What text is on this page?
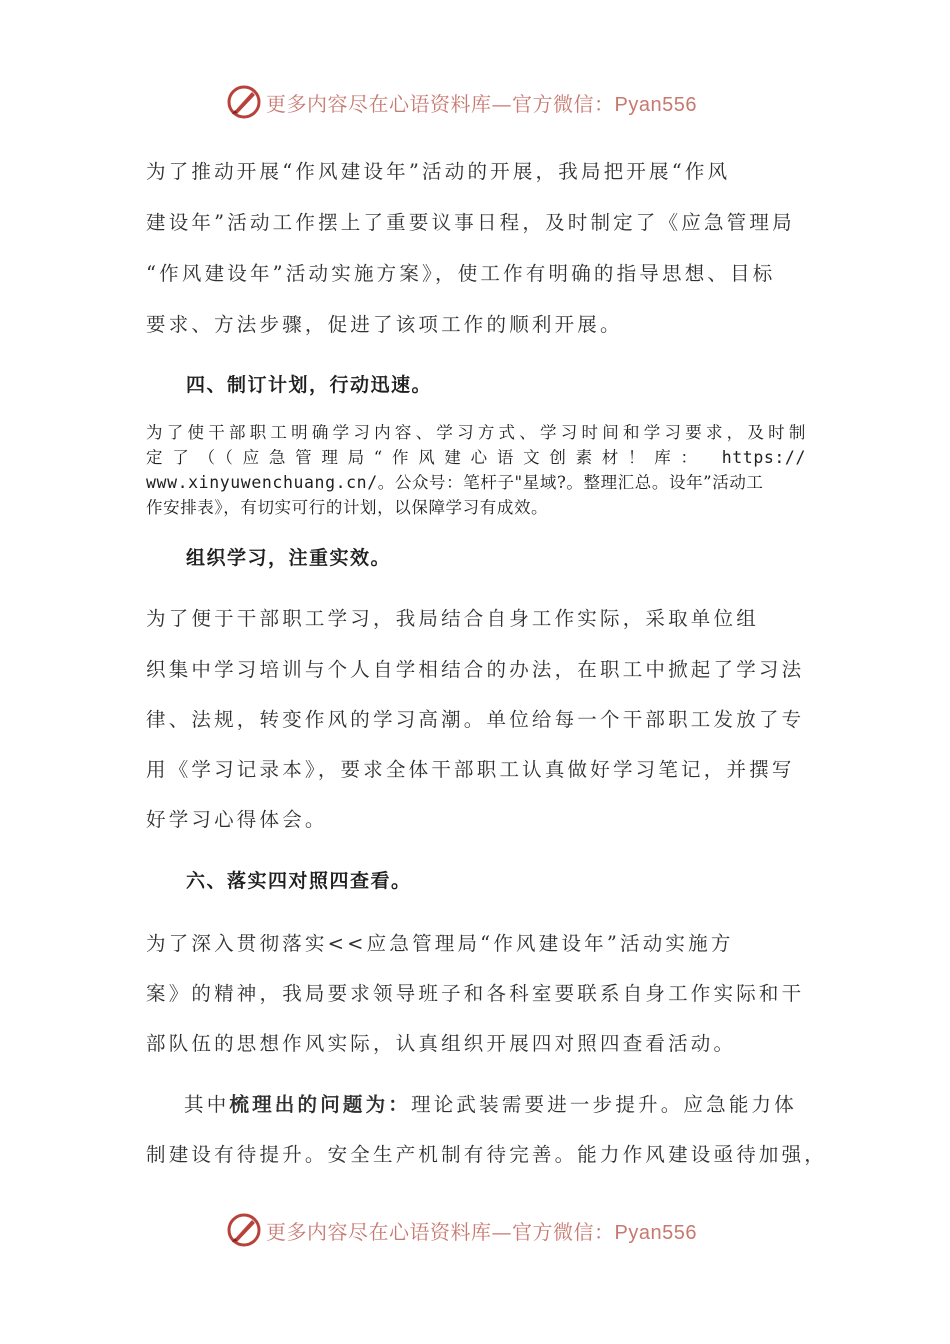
更多内容尽在心语资料库—官方微信：Pyan556
为了推动开展“作风建设年”活动的开展，我局把开展“作风
建设年”活动工作摆上了重要议事日程，及时制定了《应急管理局
“作风建设年”活动实施方案》，使工作有明确的指导思想、目标
要求、方法步骤，促进了该项工作的顺利开展。
四、制订计划，行动迅速。
为了使干部职工明确学习内容、学习方式、学习时间和学习要求，及时制
定了（（应急管理局“作风建心语文创素材！库： https://
www.xinyuwenchuang.cn/。公众号：笔杆子"星域?。整理汇总。设年”活动工
作安排表》，有切实可行的计划，以保障学习有成效。
组织学习，注重实效。
为了便于干部职工学习，我局结合自身工作实际，采取单位组
织集中学习培训与个人自学相结合的办法，在职工中掀起了学习法
律、法规，转变作风的学习高潮。单位给每一个干部职工发放了专
用《学习记录本》，要求全体干部职工认真做好学习笔记，并撰写
好学习心得体会。
六、落实四对照四查看。
为了深入贯彻落实<<应急管理局“作风建设年”活动实施方
案》的精神，我局要求领导班子和各科室要联系自身工作实际和干
部队伍的思想作风实际，认真组织开展四对照四查看活动。
其中梳理出的问题为：理论武装需要进一步提升。应急能力体
制建设有待提升。安全生产机制有待完善。能力作风建设亟待加强，
更多内容尽在心语资料库—官方微信：Pyan556
